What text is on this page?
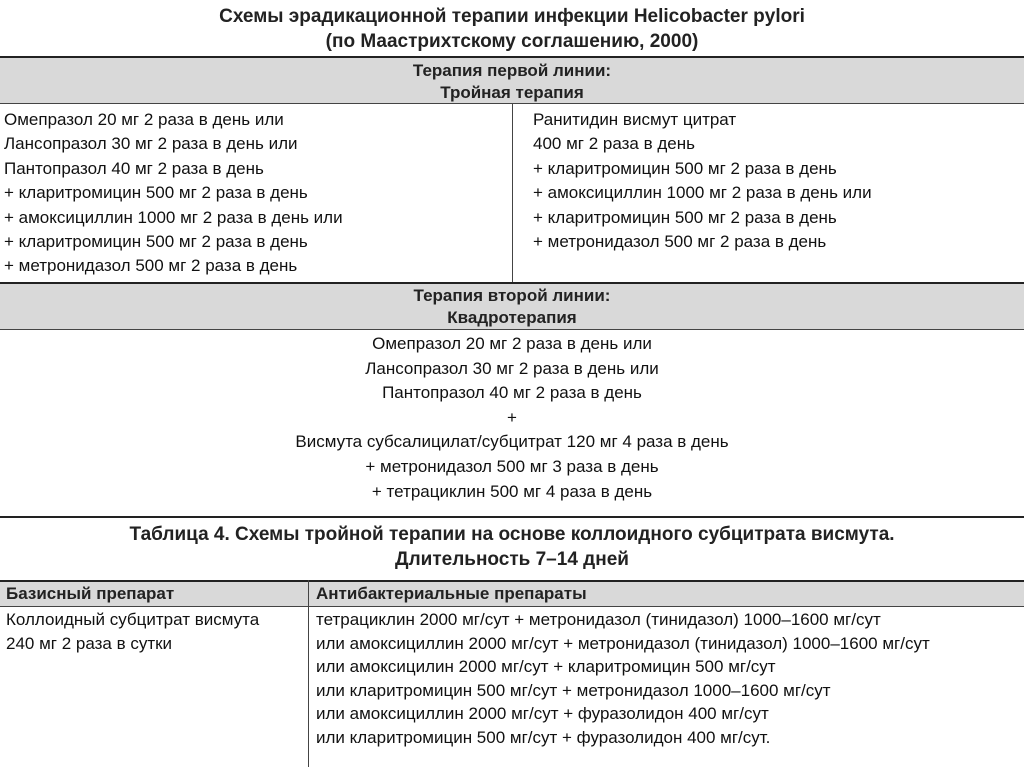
Схемы эрадикационной терапии инфекции Helicobacter pylori
(по Маастрихтскому соглашению, 2000)
Терапия первой линии:
Тройная терапия
Омепразол 20 мг 2 раза в день или
Лансопразол 30 мг 2 раза в день или
Пантопразол 40 мг 2 раза в день
+ кларитромицин 500 мг 2 раза в день
+ амоксициллин 1000 мг 2 раза в день или
+ кларитромицин 500 мг 2 раза в день
+ метронидазол 500 мг 2 раза в день
Ранитидин висмут цитрат
400 мг 2 раза в день
+ кларитромицин 500 мг 2 раза в день
+ амоксициллин 1000 мг 2 раза в день или
+ кларитромицин 500 мг 2 раза в день
+ метронидазол 500 мг 2 раза в день
Терапия второй линии:
Квадротерапия
Омепразол 20 мг 2 раза в день или
Лансопразол 30 мг 2 раза в день или
Пантопразол 40 мг 2 раза в день
+
Висмута субсалицилат/субцитрат 120 мг 4 раза в день
+ метронидазол 500 мг 3 раза в день
+ тетрациклин 500 мг 4 раза в день
Таблица 4. Схемы тройной терапии на основе коллоидного субцитрата висмута.
Длительность 7–14 дней
Базисный препарат	Антибактериальные препараты
Коллоидный субцитрат висмута
240 мг 2 раза в сутки
тетрациклин 2000 мг/сут + метронидазол (тинидазол) 1000–1600 мг/сут
или амоксициллин 2000 мг/сут + метронидазол (тинидазол) 1000–1600 мг/сут
или амоксицилин 2000 мг/сут + кларитромицин 500 мг/сут
или кларитромицин 500 мг/сут + метронидазол 1000–1600 мг/сут
или амоксициллин 2000 мг/сут + фуразолидон 400 мг/сут
или кларитромицин 500 мг/сут + фуразолидон 400 мг/сут.
